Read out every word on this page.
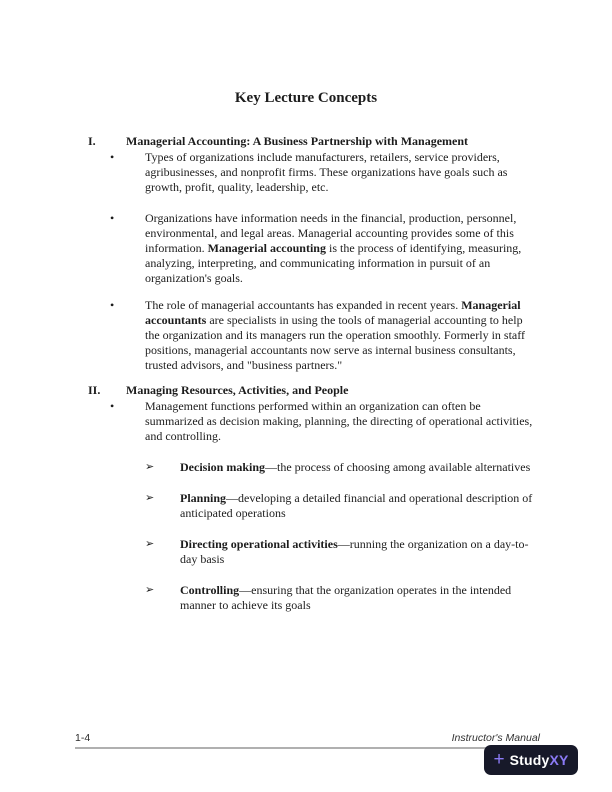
Key Lecture Concepts
I.	Managerial Accounting: A Business Partnership with Management
•	Types of organizations include manufacturers, retailers, service providers, agribusinesses, and nonprofit firms. These organizations have goals such as growth, profit, quality, leadership, etc.

•	Organizations have information needs in the financial, production, personnel, environmental, and legal areas. Managerial accounting provides some of this information. Managerial accounting is the process of identifying, measuring, analyzing, interpreting, and communicating information in pursuit of an organization's goals.

•	The role of managerial accountants has expanded in recent years. Managerial accountants are specialists in using the tools of managerial accounting to help the organization and its managers run the operation smoothly. Formerly in staff positions, managerial accountants now serve as internal business consultants, trusted advisors, and "business partners."

II.	Managing Resources, Activities, and People
•	Management functions performed within an organization can often be summarized as decision making, planning, the directing of operational activities, and controlling.

➢	Decision making—the process of choosing among available alternatives

➢	Planning—developing a detailed financial and operational description of anticipated operations

➢	Directing operational activities—running the organization on a day-to-day basis

➢	Controlling—ensuring that the organization operates in the intended manner to achieve its goals

1-4	Instructor's Manual
+ StudyXY
